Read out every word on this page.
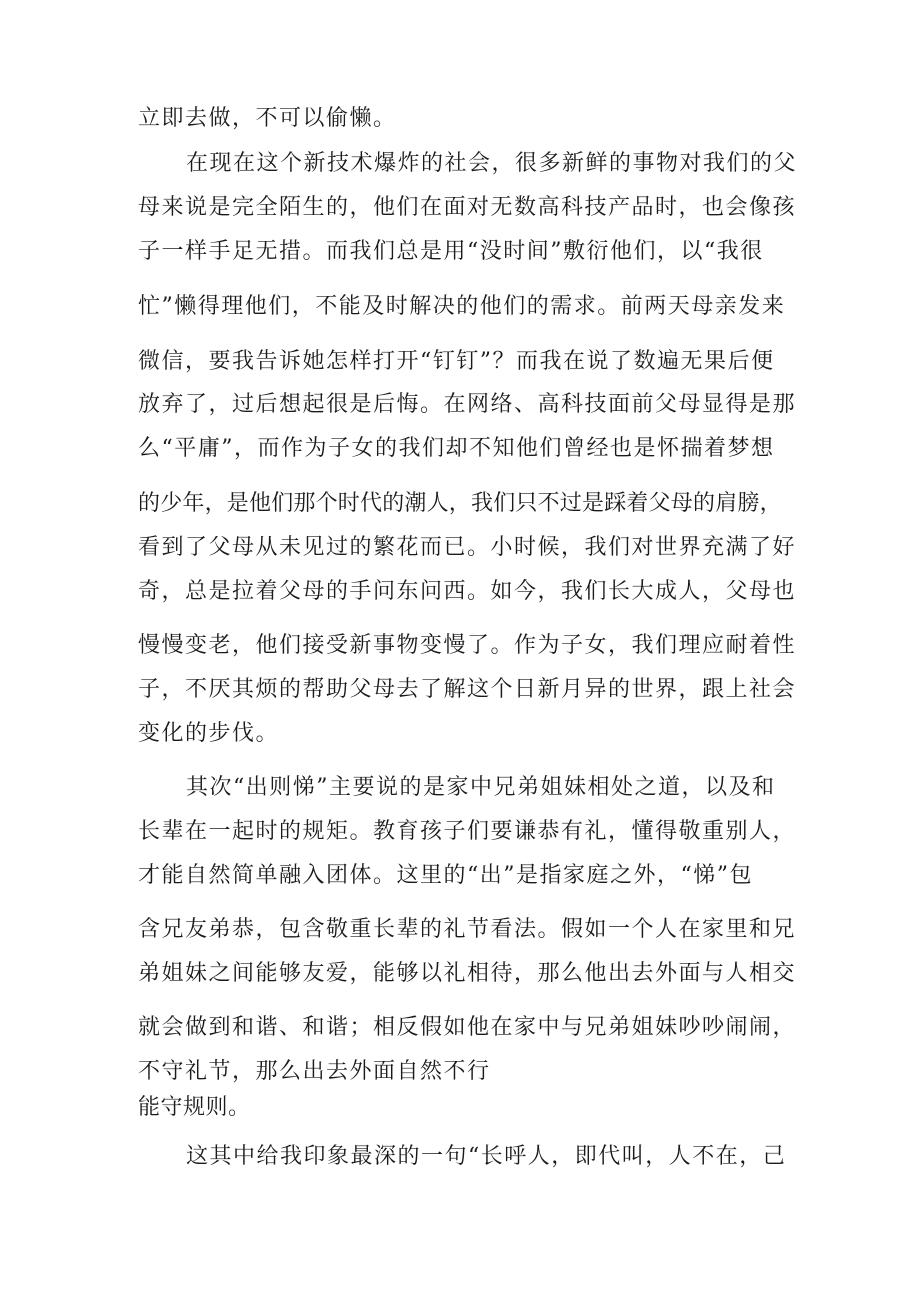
立即去做，不可以偷懒。
在现在这个新技术爆炸的社会，很多新鲜的事物对我们的父
母来说是完全陌生的，他们在面对无数高科技产品时，也会像孩
子一样手足无措。而我们总是用“没时间”敷衍他们，以“我很
忙”懒得理他们，不能及时解决的他们的需求。前两天母亲发来
微信，要我告诉她怎样打开“钉钉”？而我在说了数遍无果后便
放弃了，过后想起很是后悔。在网络、高科技面前父母显得是那
么“平庸”，而作为子女的我们却不知他们曾经也是怀揣着梦想
的少年，是他们那个时代的潮人，我们只不过是踩着父母的肩膀，
看到了父母从未见过的繁花而已。小时候，我们对世界充满了好
奇，总是拉着父母的手问东问西。如今，我们长大成人，父母也
慢慢变老，他们接受新事物变慢了。作为子女，我们理应耐着性
子，不厌其烦的帮助父母去了解这个日新月异的世界，跟上社会
变化的步伐。
其次“出则悌”主要说的是家中兄弟姐妹相处之道，以及和
长辈在一起时的规矩。教育孩子们要谦恭有礼，懂得敬重别人，
才能自然简单融入团体。这里的“出”是指家庭之外，“悌”包
含兄友弟恭，包含敬重长辈的礼节看法。假如一个人在家里和兄
弟姐妹之间能够友爱，能够以礼相待，那么他出去外面与人相交
就会做到和谐、和谐；相反假如他在家中与兄弟姐妹吵吵闹闹，
不守礼节，那么出去外面自然不行
能守规则。
这其中给我印象最深的一句“长呼人，即代叫，人不在，己
